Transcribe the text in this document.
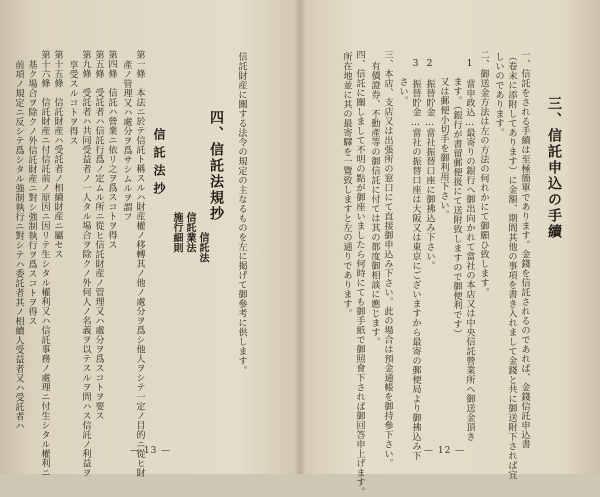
信託財産に關する法令の規定の主なるものを左に掲げて御參考に供します。
四、信託法規抄
信託法
信託業法
施行細則
信託法抄
第一條　本法ニ於テ信託ト稱スルハ財産權ノ移轉其ノ他ノ處分ヲ爲シ他人ヲシテ一定ノ目的ニ從ヒ財
產ノ管理又ハ處分ヲ爲サシムルヲ謂フ
第四條　信託ハ營業ニ依リ之ヲ爲スコトヲ得ス
第五條　受託者ハ信託行爲ノ定ムル所ニ從ヒ信託財産ノ管理又ハ處分ヲ爲スコトヲ要ス
第九條　受託者ハ共同受益者ノ一人タル場合ヲ除クノ外何人ノ名義ヲ以テスルヲ問ハス信託ノ利益ヲ
享受スルコトヲ得ス
第十五條　信託財産ハ受託者ノ相續財産ニ屬セス
第十六條　信託財産ニ付信託前ノ原因ニ因リテ生シタル權利又ハ信託事務ノ處理ニ付生シタル權利ニ
基ク場合ヲ除クノ外信託財産ニ對シ強制執行ヲ爲スコトヲ得ス
前項ノ規定ニ反シテ爲シタル強制執行ニ對シテハ委託者其ノ相續人受益者又ハ受託者ハ
— 13 —
三、信託申込の手續
一、信託をされる手續は至極簡單であります。金錢を信託されるのであれば、金錢信託申込書
（卷末に添附してあります）に金額、期間其他の事項を書き入れまして金錢と共に御送附下されば宜
しいのであります。
二、御送金方法は左の方法の何れかにて御願ひ致します。
1　當申政込…最寄りの銀行へ御出向かれて當社の本店又は中央信託營業所へ御送金頂き
　　ます。（銀行が書留郵便扱にて送附致しますので御便利です）
　　又は郵便小切手を御利用下さい。
2　振替貯金…當社振替口座に御拂込み下さい。
3　振替貯金…當社の振替口座は大阪又は東京にございますから最寄の郵便局より御拂込み下
　　さい。
三、本店、支店又は出張所の窓口にて直接御申込み下さい。此の場合は預金通帳を御持參下さい。
　有價證券、不動產等の御信託に付ては其の都度御相談に應じます。
四、信託に關しまして不明の點が御座いましたら何時にても御手紙で御照會下されば御回答申上げます。
所在地並に其の最寄驛を一覽致しますと左の通りであります。
— 12 —
